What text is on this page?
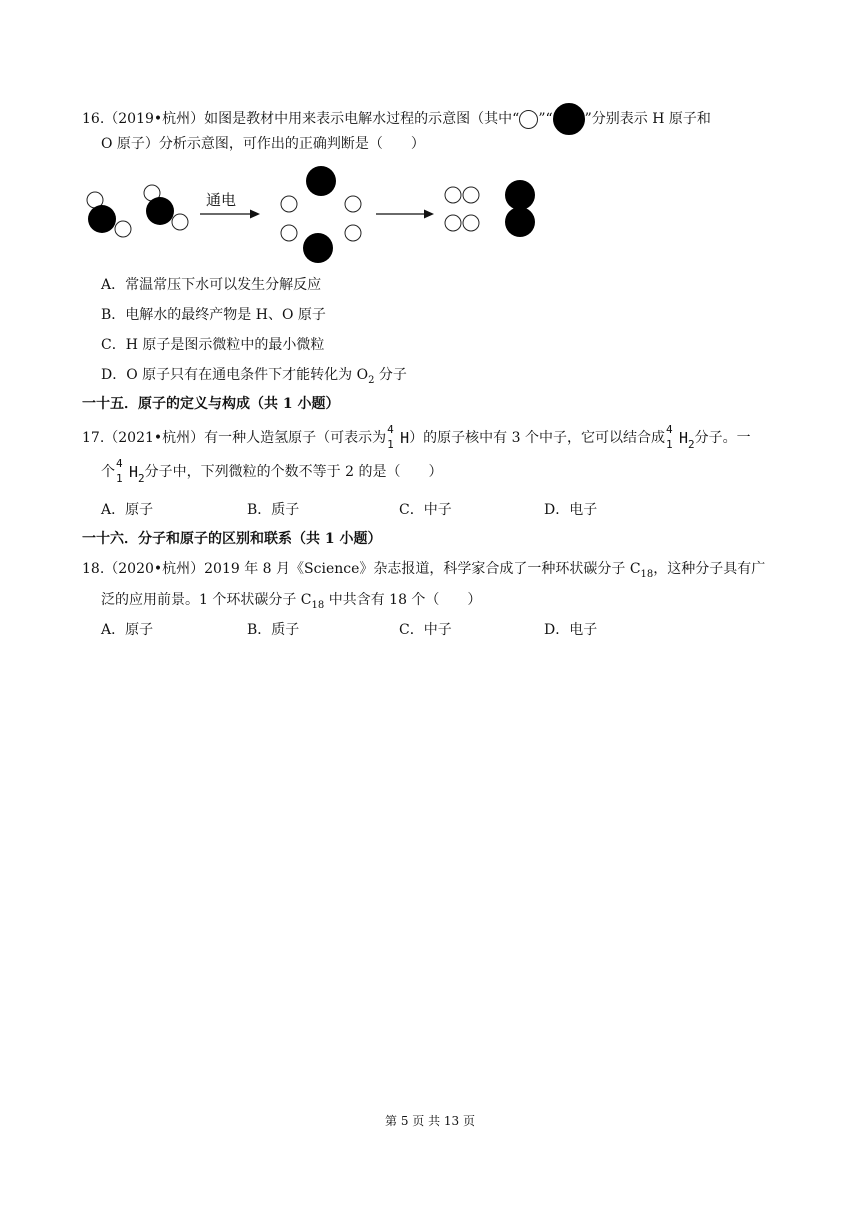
16.（2019•杭州）如图是教材中用来表示电解水过程的示意图（其中“ ”“ ”分别表示 H 原子和
O 原子）分析示意图，可作出的正确判断是（　　）
通电
A．常温常压下水可以发生分解反应
B．电解水的最终产物是 H、O 原子
C．H 原子是图示微粒中的最小微粒
D．O 原子只有在通电条件下才能转化为 $O_2$ 分子
一十五．原子的定义与构成（共 1 小题）
17.（2021•杭州）有一种人造氢原子（可表示为
4
1 H）的原子核中有 3 个中子，它可以结合成
4
1 $H_2$分子。一
个
4
1 $H_2$分子中，下列微粒的个数不等于 2 的是（　　）
A．原子	B．质子	C．中子	D．电子
一十六．分子和原子的区别和联系（共 1 小题）
18.（2020•杭州）2019 年 8 月《Science》杂志报道，科学家合成了一种环状碳分子 $C_{18}$，这种分子具有广
泛的应用前景。1 个环状碳分子 $C_{18}$ 中共含有 18 个（　　）
A．原子	B．质子	C．中子	D．电子
第 5 页 共 13 页
